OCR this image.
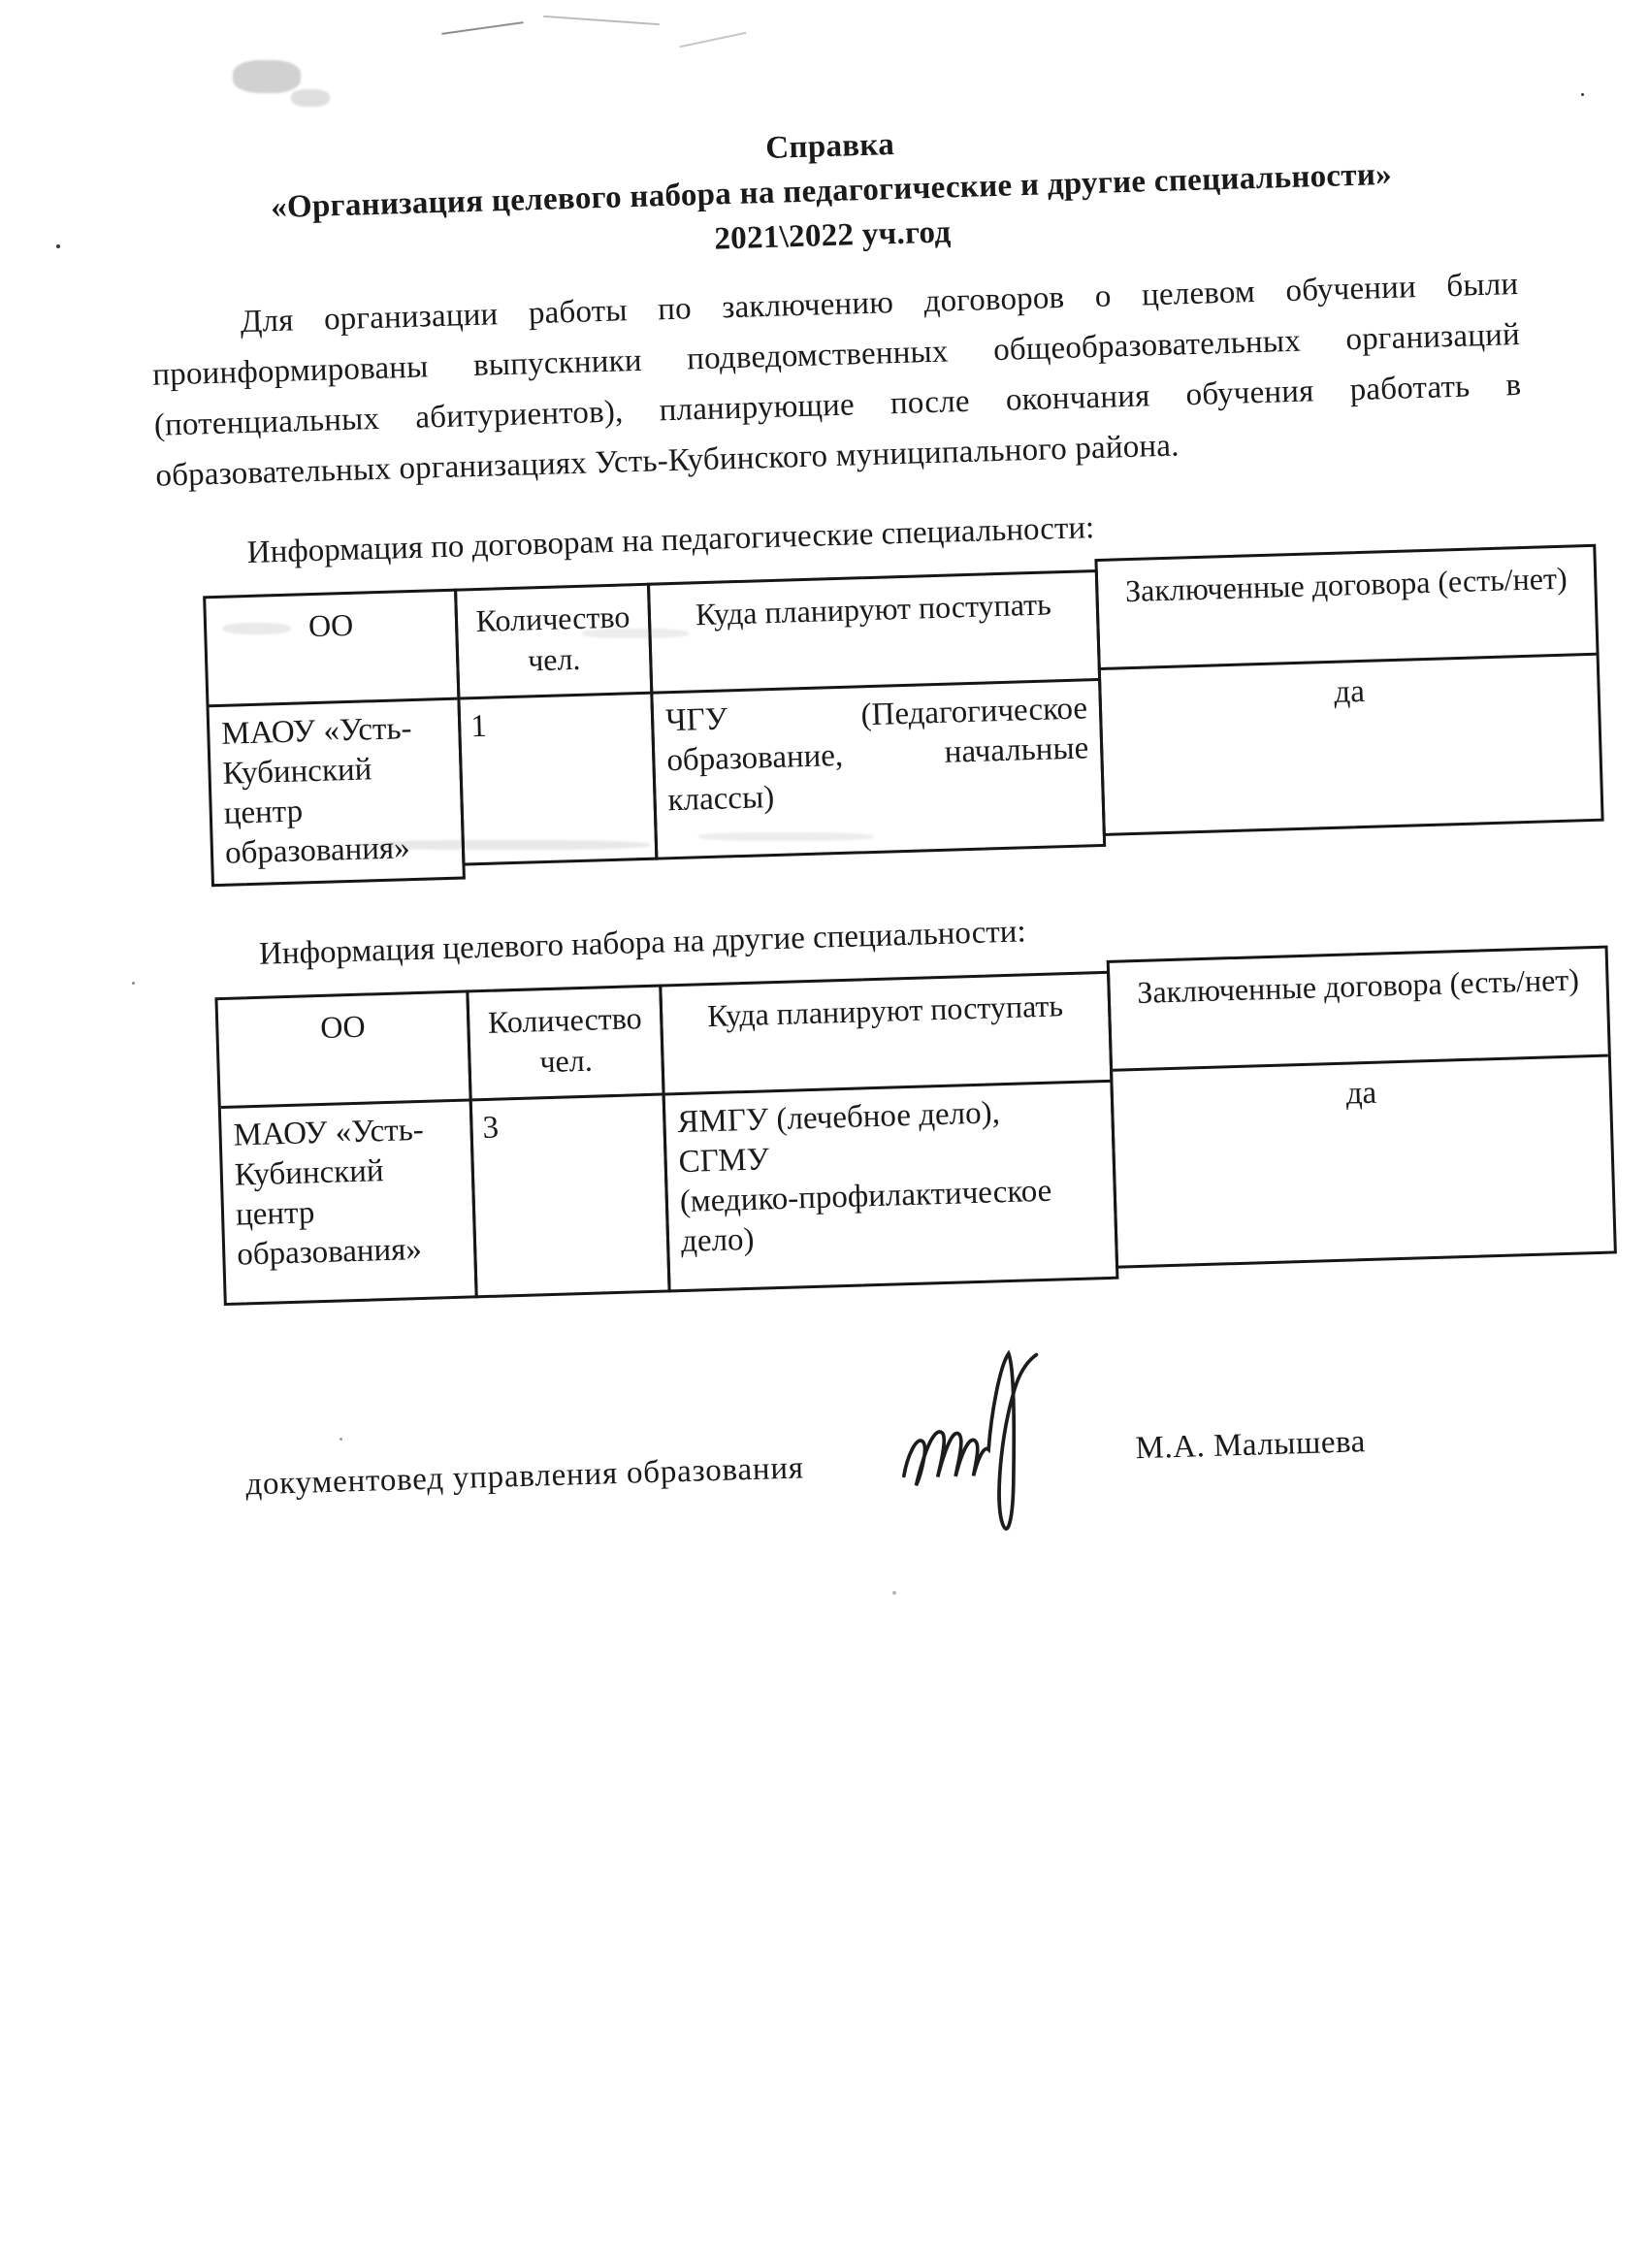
Справка
«Организация целевого набора на педагогические и другие специальности»
2021\2022 уч.год

Для организации работы по заключению договоров о целевом обучении были проинформированы выпускники подведомственных общеобразовательных организаций (потенциальных абитуриентов), планирующие после окончания обучения работать в образовательных организациях Усть-Кубинского муниципального района.

Информация по договорам на педагогические специальности:
ОО
МАОУ «Усть-Кубинский центр образования»
Количество чел.
1
Куда планируют поступать
ЧГУ (Педагогическое образование, начальные классы)
Заключенные договора (есть/нет)
да
Информация целевого набора на другие специальности:
ОО
МАОУ «Усть-Кубинский центр образования»
Количество чел.
3
Куда планируют поступать
ЯМГУ (лечебное дело),
СГМУ
(медико-профилактическое
дело)
Заключенные договора (есть/нет)
да
документовед управления образования
М.А. Малышева
